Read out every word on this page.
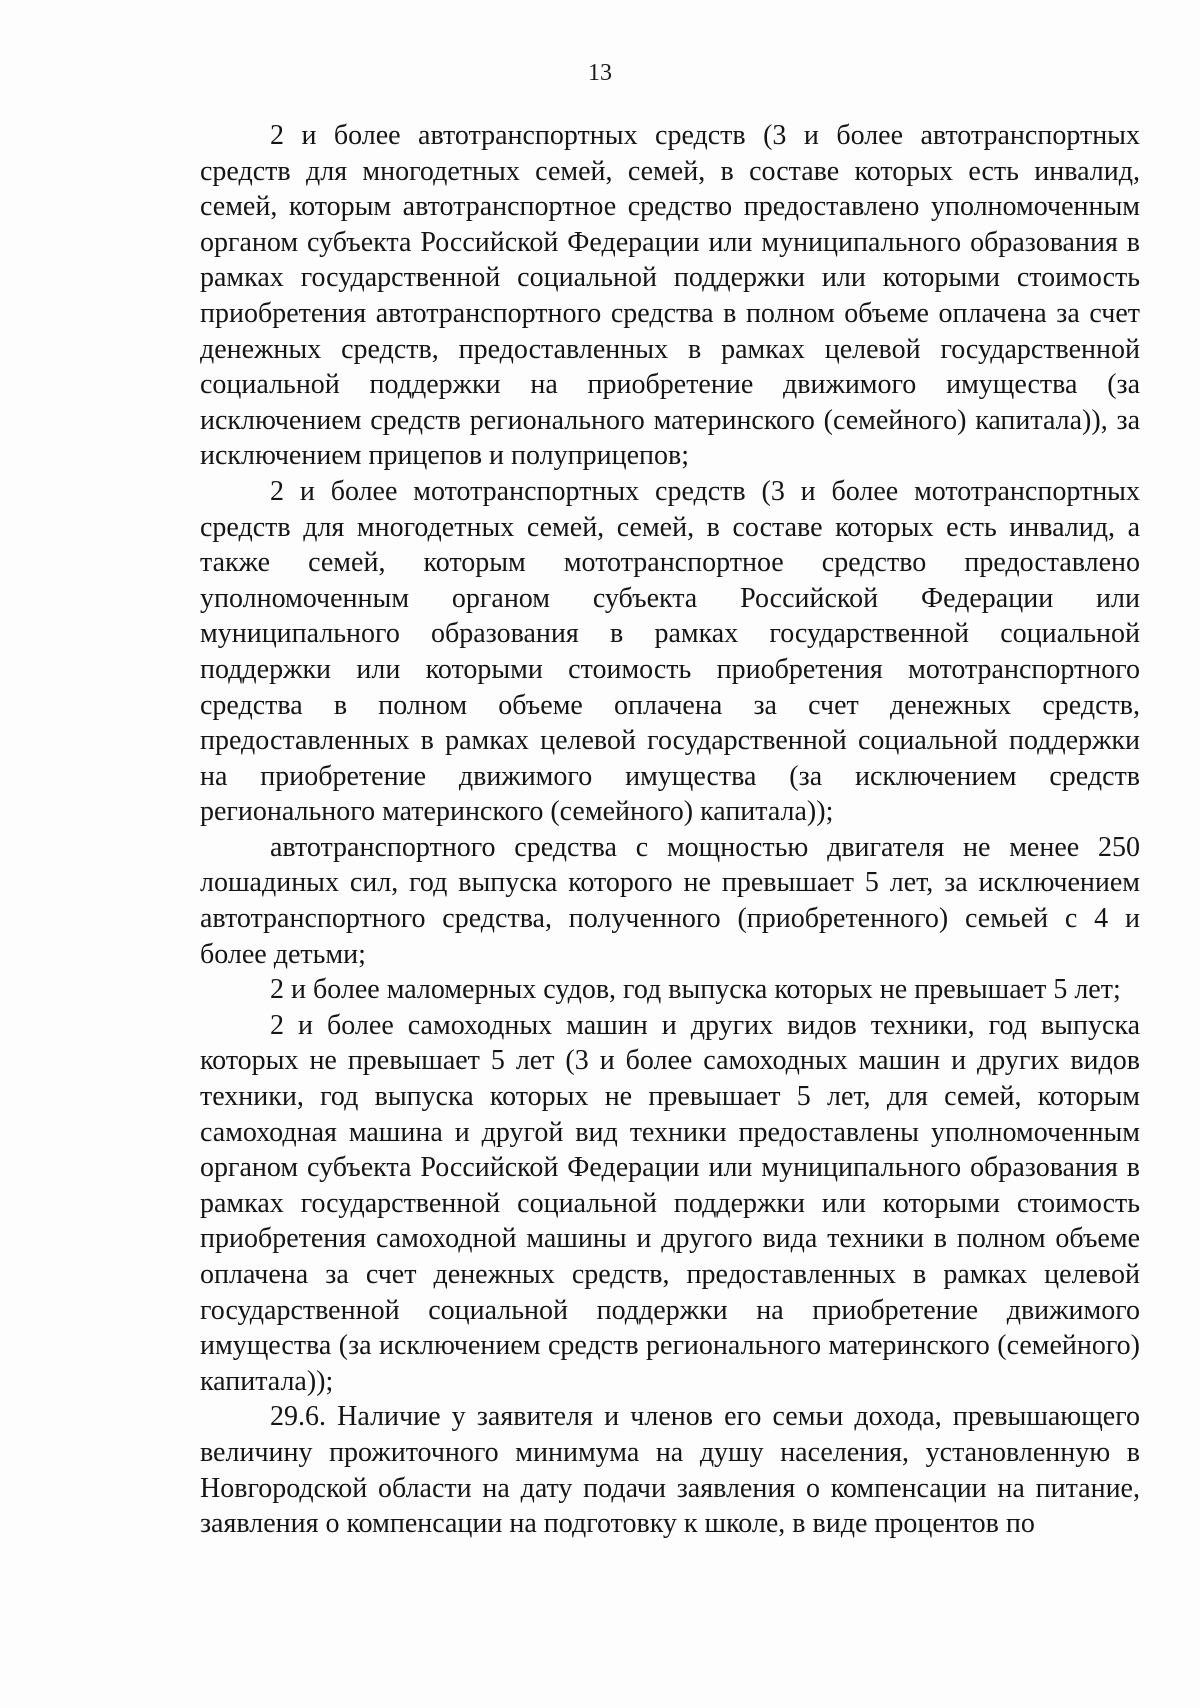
13

2 и более автотранспортных средств (3 и более автотранспортных средств для многодетных семей, семей, в составе которых есть инвалид, семей, которым автотранспортное средство предоставлено уполномоченным органом субъекта Российской Федерации или муниципального образования в рамках государственной социальной поддержки или которыми стоимость приобретения автотранспортного средства в полном объеме оплачена за счет денежных средств, предоставленных в рамках целевой государственной социальной поддержки на приобретение движимого имущества (за исключением средств регионального материнского (семейного) капитала)), за исключением прицепов и полуприцепов;

2 и более мототранспортных средств (3 и более мототранспортных средств для многодетных семей, семей, в составе которых есть инвалид, а также семей, которым мототранспортное средство предоставлено уполномоченным органом субъекта Российской Федерации или муниципального образования в рамках государственной социальной поддержки или которыми стоимость приобретения мототранспортного средства в полном объеме оплачена за счет денежных средств, предоставленных в рамках целевой государственной социальной поддержки на приобретение движимого имущества (за исключением средств регионального материнского (семейного) капитала));

автотранспортного средства с мощностью двигателя не менее 250 лошадиных сил, год выпуска которого не превышает 5 лет, за исключением автотранспортного средства, полученного (приобретенного) семьей с 4 и более детьми;

2 и более маломерных судов, год выпуска которых не превышает 5 лет;

2 и более самоходных машин и других видов техники, год выпуска которых не превышает 5 лет (3 и более самоходных машин и других видов техники, год выпуска которых не превышает 5 лет, для семей, которым самоходная машина и другой вид техники предоставлены уполномоченным органом субъекта Российской Федерации или муниципального образования в рамках государственной социальной поддержки или которыми стоимость приобретения самоходной машины и другого вида техники в полном объеме оплачена за счет денежных средств, предоставленных в рамках целевой государственной социальной поддержки на приобретение движимого имущества (за исключением средств регионального материнского (семейного) капитала));

29.6. Наличие у заявителя и членов его семьи дохода, превышающего величину прожиточного минимума на душу населения, установленную в Новгородской области на дату подачи заявления о компенсации на питание, заявления о компенсации на подготовку к школе, в виде процентов по
